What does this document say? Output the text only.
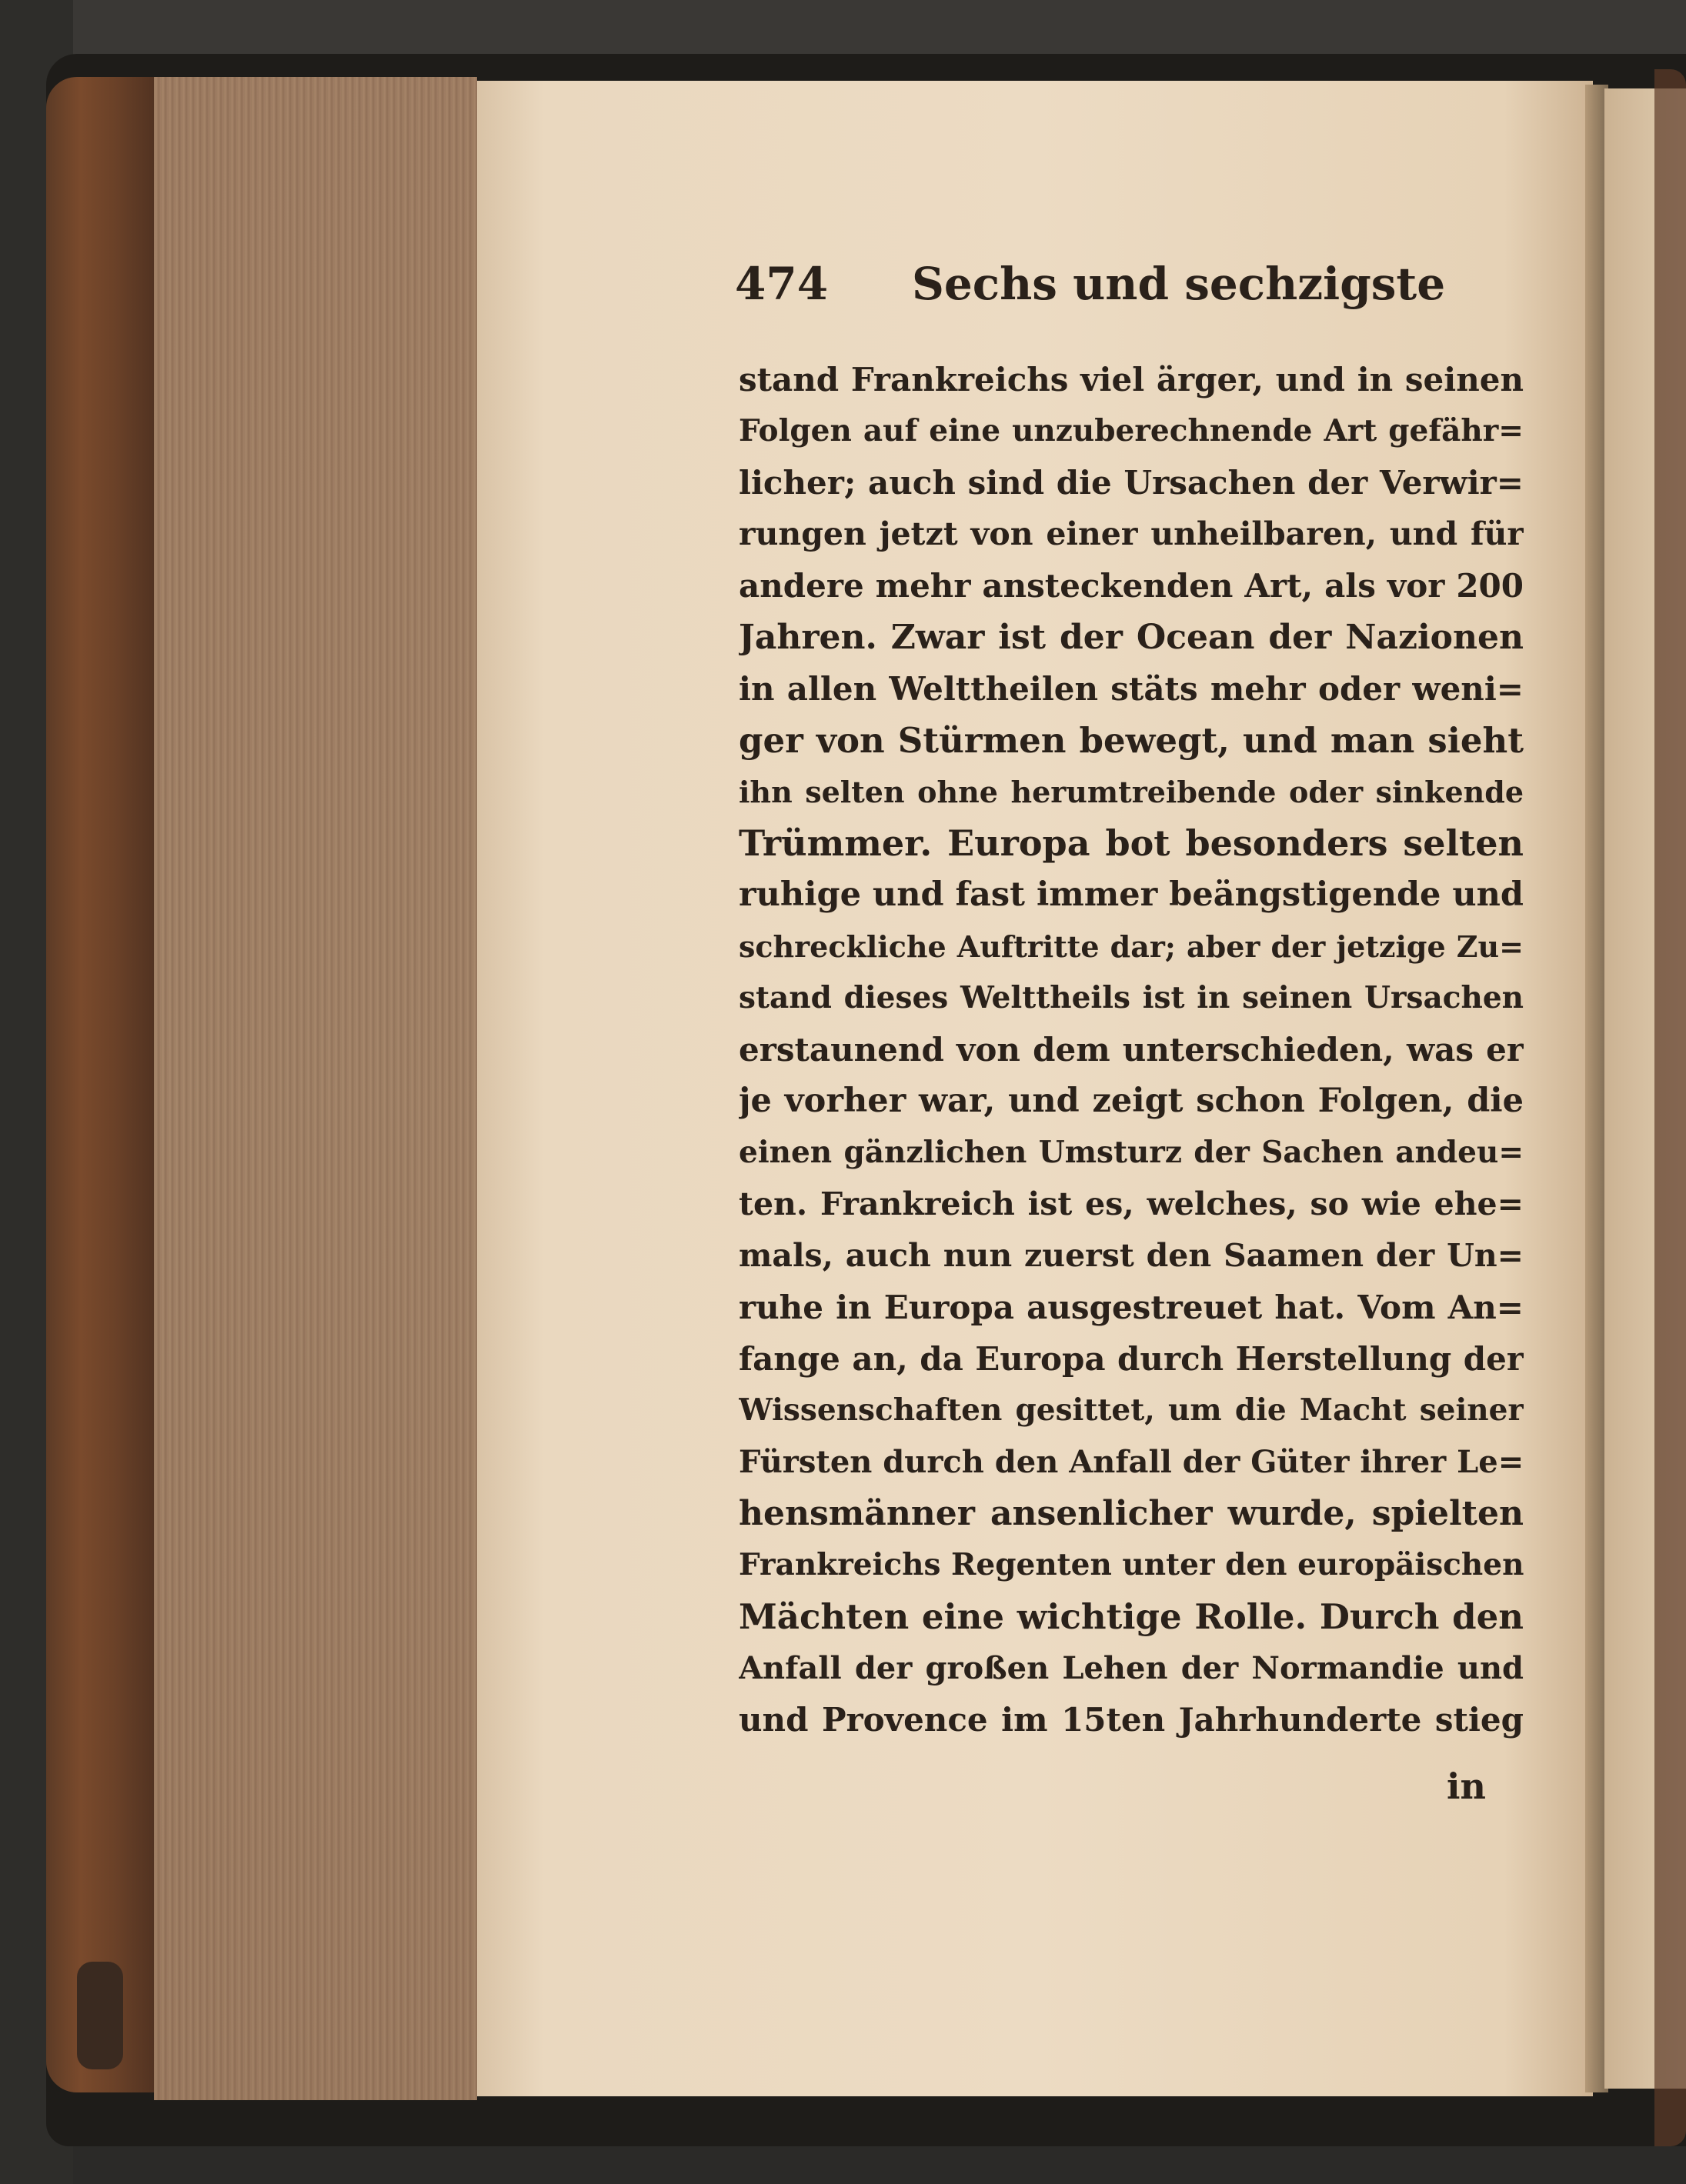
474 Sechs und sechzigste
stand Frankreichs viel ärger, und in seinen
Folgen auf eine unzuberechnende Art gefähr=
licher; auch sind die Ursachen der Verwir=
rungen jetzt von einer unheilbaren, und für
andere mehr ansteckenden Art, als vor 200
Jahren. Zwar ist der Ocean der Nazionen
in allen Welttheilen stäts mehr oder weni=
ger von Stürmen bewegt, und man sieht
ihn selten ohne herumtreibende oder sinkende
Trümmer. Europa bot besonders selten
ruhige und fast immer beängstigende und
schreckliche Auftritte dar; aber der jetzige Zu=
stand dieses Welttheils ist in seinen Ursachen
erstaunend von dem unterschieden, was er
je vorher war, und zeigt schon Folgen, die
einen gänzlichen Umsturz der Sachen andeu=
ten. Frankreich ist es, welches, so wie ehe=
mals, auch nun zuerst den Saamen der Un=
ruhe in Europa ausgestreuet hat. Vom An=
fange an, da Europa durch Herstellung der
Wissenschaften gesittet, um die Macht seiner
Fürsten durch den Anfall der Güter ihrer Le=
hensmänner ansenlicher wurde, spielten
Frankreichs Regenten unter den europäischen
Mächten eine wichtige Rolle. Durch den
Anfall der großen Lehen der Normandie und
und Provence im 15ten Jahrhunderte stieg
in
